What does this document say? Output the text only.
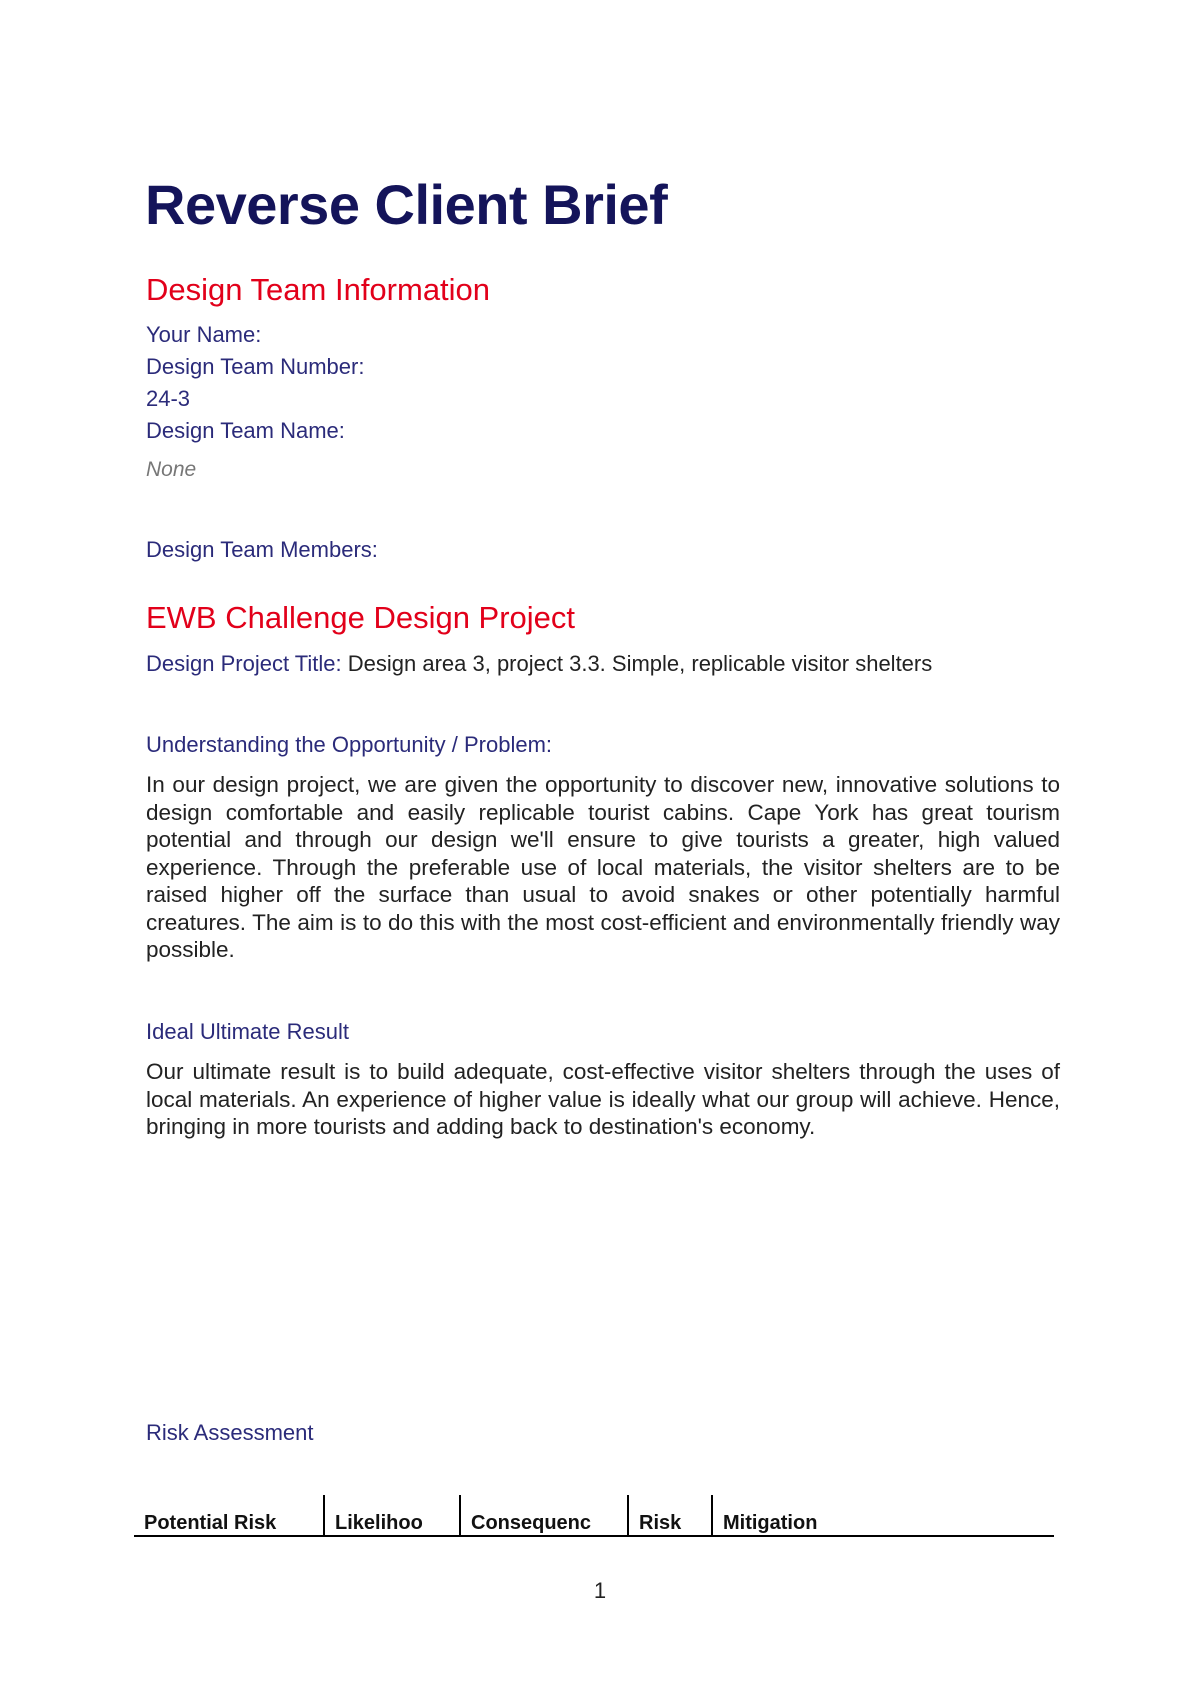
Reverse Client Brief
Design Team Information
Your Name:
Design Team Number:
24-3
Design Team Name:
None
Design Team Members:
EWB Challenge Design Project
Design Project Title: Design area 3, project 3.3. Simple, replicable visitor shelters
Understanding the Opportunity / Problem:

In our design project, we are given the opportunity to discover new, innovative solutions to design comfortable and easily replicable tourist cabins. Cape York has great tourism potential and through our design we'll ensure to give tourists a greater, high valued experience. Through the preferable use of local materials, the visitor shelters are to be raised higher off the surface than usual to avoid snakes or other potentially harmful creatures. The aim is to do this with the most cost-efficient and environmentally friendly way possible.

Ideal Ultimate Result

Our ultimate result is to build adequate, cost-effective visitor shelters through the uses of local materials. An experience of higher value is ideally what our group will achieve. Hence, bringing in more tourists and adding back to destination's economy.

Risk Assessment
Potential Risk	Likelihoo	Consequenc	Risk	Mitigation
1
